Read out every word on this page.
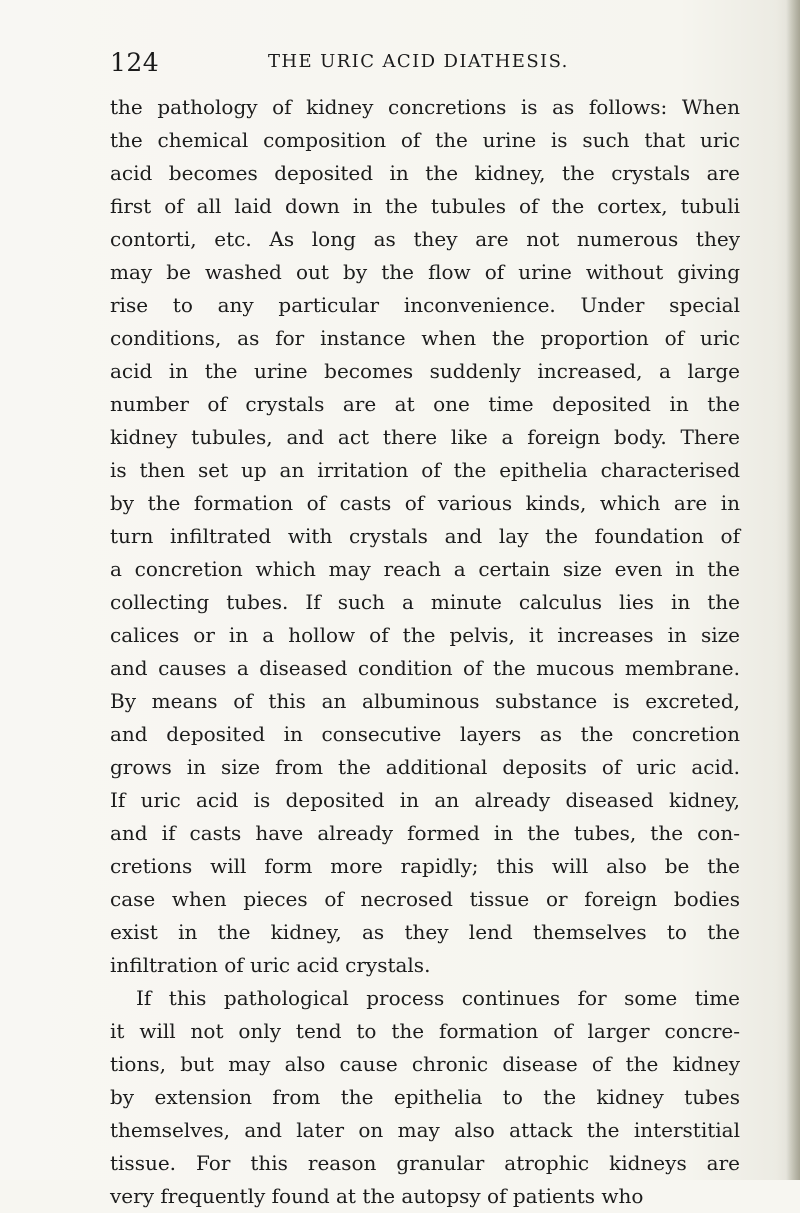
124	THE URIC ACID DIATHESIS.
the pathology of kidney concretions is as follows: When
the chemical composition of the urine is such that uric
acid becomes deposited in the kidney, the crystals are
first of all laid down in the tubules of the cortex, tubuli
contorti, etc. As long as they are not numerous they
may be washed out by the flow of urine without giving
rise to any particular inconvenience. Under special
conditions, as for instance when the proportion of uric
acid in the urine becomes suddenly increased, a large
number of crystals are at one time deposited in the
kidney tubules, and act there like a foreign body. There
is then set up an irritation of the epithelia characterised
by the formation of casts of various kinds, which are in
turn infiltrated with crystals and lay the foundation of
a concretion which may reach a certain size even in the
collecting tubes. If such a minute calculus lies in the
calices or in a hollow of the pelvis, it increases in size
and causes a diseased condition of the mucous membrane.
By means of this an albuminous substance is excreted,
and deposited in consecutive layers as the concretion
grows in size from the additional deposits of uric acid.
If uric acid is deposited in an already diseased kidney,
and if casts have already formed in the tubes, the con-
cretions will form more rapidly; this will also be the
case when pieces of necrosed tissue or foreign bodies
exist in the kidney, as they lend themselves to the
infiltration of uric acid crystals.
If this pathological process continues for some time
it will not only tend to the formation of larger concre-
tions, but may also cause chronic disease of the kidney
by extension from the epithelia to the kidney tubes
themselves, and later on may also attack the interstitial
tissue. For this reason granular atrophic kidneys are
very frequently found at the autopsy of patients who
